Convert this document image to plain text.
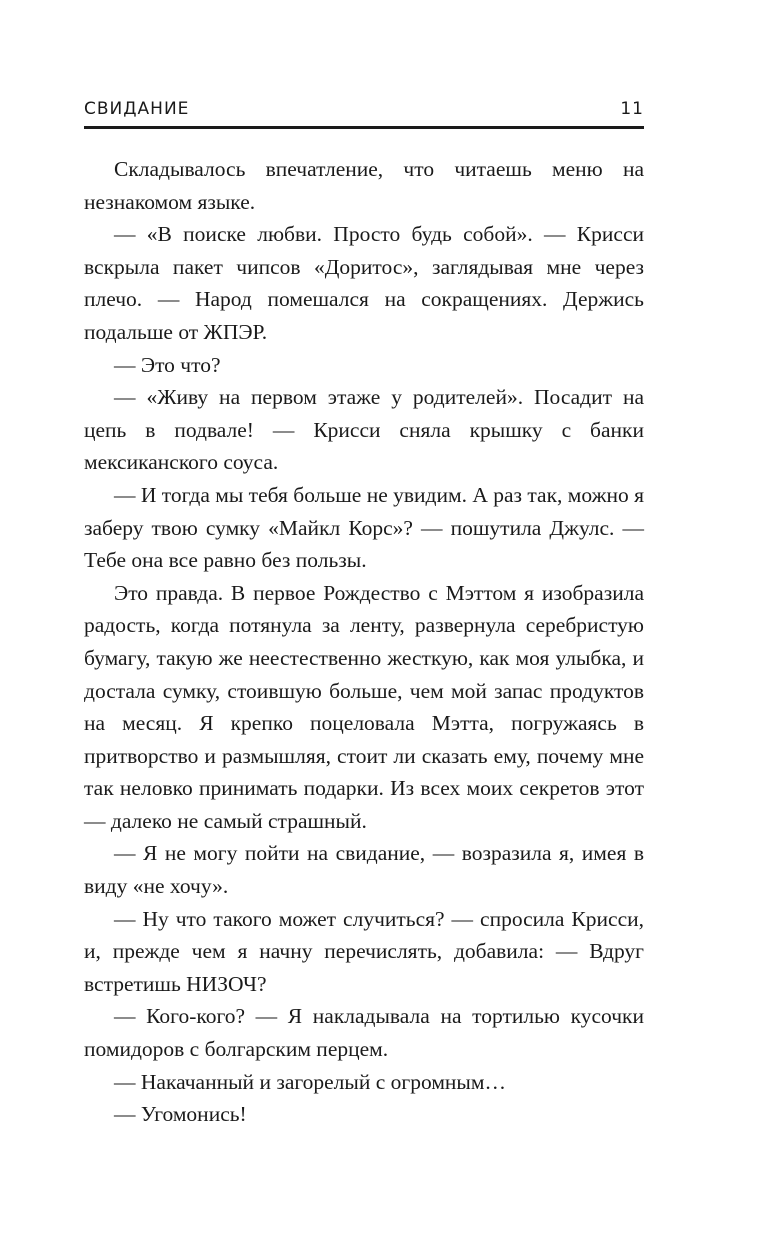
СВИДАНИЕ	11

Складывалось впечатление, что читаешь меню на незнакомом языке.

— «В поиске любви. Просто будь собой». — Крисси вскрыла пакет чипсов «Доритос», заглядывая мне через плечо. — Народ помешался на сокращениях. Держись подальше от ЖПЭР.

— Это что?

— «Живу на первом этаже у родителей». Посадит на цепь в подвале! — Крисси сняла крышку с банки мексиканского соуса.

— И тогда мы тебя больше не увидим. А раз так, можно я заберу твою сумку «Майкл Корс»? — пошутила Джулс. — Тебе она все равно без пользы.

Это правда. В первое Рождество с Мэттом я изобразила радость, когда потянула за ленту, развернула серебристую бумагу, такую же неестественно жесткую, как моя улыбка, и достала сумку, стоившую больше, чем мой запас продуктов на месяц. Я крепко поцеловала Мэтта, погружаясь в притворство и размышляя, стоит ли сказать ему, почему мне так неловко принимать подарки. Из всех моих секретов этот — далеко не самый страшный.

— Я не могу пойти на свидание, — возразила я, имея в виду «не хочу».

— Ну что такого может случиться? — спросила Крисси, и, прежде чем я начну перечислять, добавила: — Вдруг встретишь НИЗОЧ?

— Кого-кого? — Я накладывала на тортилью кусочки помидоров с болгарским перцем.

— Накачанный и загорелый с огромным…

— Угомонись!
